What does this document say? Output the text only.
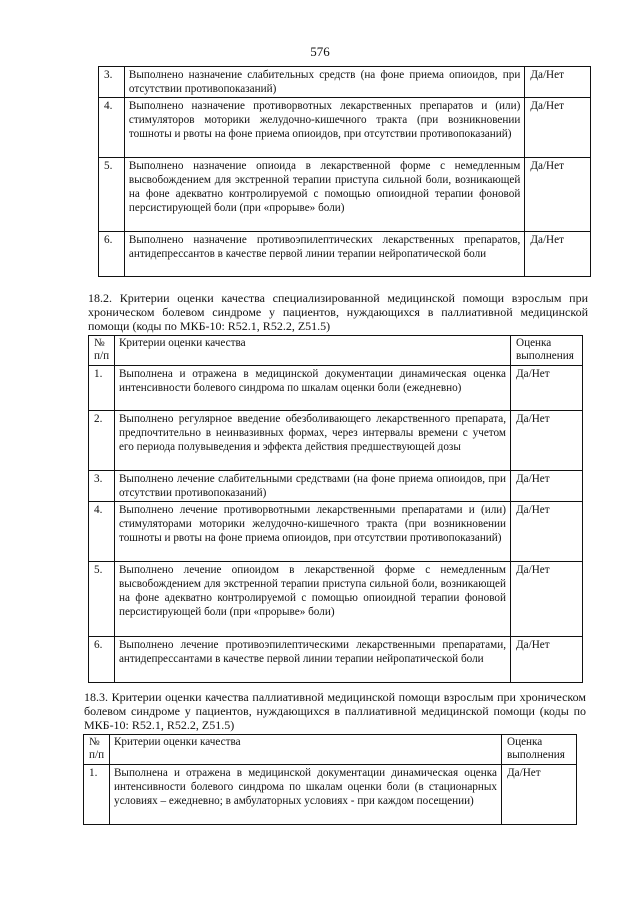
576
3.	Выполнено назначение слабительных средств (на фоне приема опиоидов, при отсутствии противопоказаний)	Да/Нет
4.	Выполнено назначение противорвотных лекарственных препаратов и (или) стимуляторов моторики желудочно-кишечного тракта (при возникновении тошноты и рвоты на фоне приема опиоидов, при отсутствии противопоказаний)	Да/Нет
5.	Выполнено назначение опиоида в лекарственной форме с немедленным высвобождением для экстренной терапии приступа сильной боли, возникающей на фоне адекватно контролируемой с помощью опиоидной терапии фоновой персистирующей боли (при «прорыве» боли)	Да/Нет
6.	Выполнено назначение противоэпилептических лекарственных препаратов, антидепрессантов в качестве первой линии терапии нейропатической боли	Да/Нет
18.2. Критерии оценки качества специализированной медицинской помощи взрослым при хроническом болевом синдроме у пациентов, нуждающихся в паллиативной медицинской помощи (коды по МКБ-10: R52.1, R52.2, Z51.5)
№ п/п	Критерии оценки качества	Оценка выполнения
1.	Выполнена и отражена в медицинской документации динамическая оценка интенсивности болевого синдрома по шкалам оценки боли (ежедневно)	Да/Нет
2.	Выполнено регулярное введение обезболивающего лекарственного препарата, предпочтительно в неинвазивных формах, через интервалы времени с учетом его периода полувыведения и эффекта действия предшествующей дозы	Да/Нет
3.	Выполнено лечение слабительными средствами (на фоне приема опиоидов, при отсутствии противопоказаний)	Да/Нет
4.	Выполнено лечение противорвотными лекарственными препаратами и (или) стимуляторами моторики желудочно-кишечного тракта (при возникновении тошноты и рвоты на фоне приема опиоидов, при отсутствии противопоказаний)	Да/Нет
5.	Выполнено лечение опиоидом в лекарственной форме с немедленным высвобождением для экстренной терапии приступа сильной боли, возникающей на фоне адекватно контролируемой с помощью опиоидной терапии фоновой персистирующей боли (при «прорыве» боли)	Да/Нет
6.	Выполнено лечение противоэпилептическими лекарственными препаратами, антидепрессантами в качестве первой линии терапии нейропатической боли	Да/Нет
18.3. Критерии оценки качества паллиативной медицинской помощи взрослым при хроническом болевом синдроме у пациентов, нуждающихся в паллиативной медицинской помощи (коды по МКБ-10: R52.1, R52.2, Z51.5)
№ п/п	Критерии оценки качества	Оценка выполнения
1.	Выполнена и отражена в медицинской документации динамическая оценка интенсивности болевого синдрома по шкалам оценки боли (в стационарных условиях – ежедневно; в амбулаторных условиях - при каждом посещении)	Да/Нет
